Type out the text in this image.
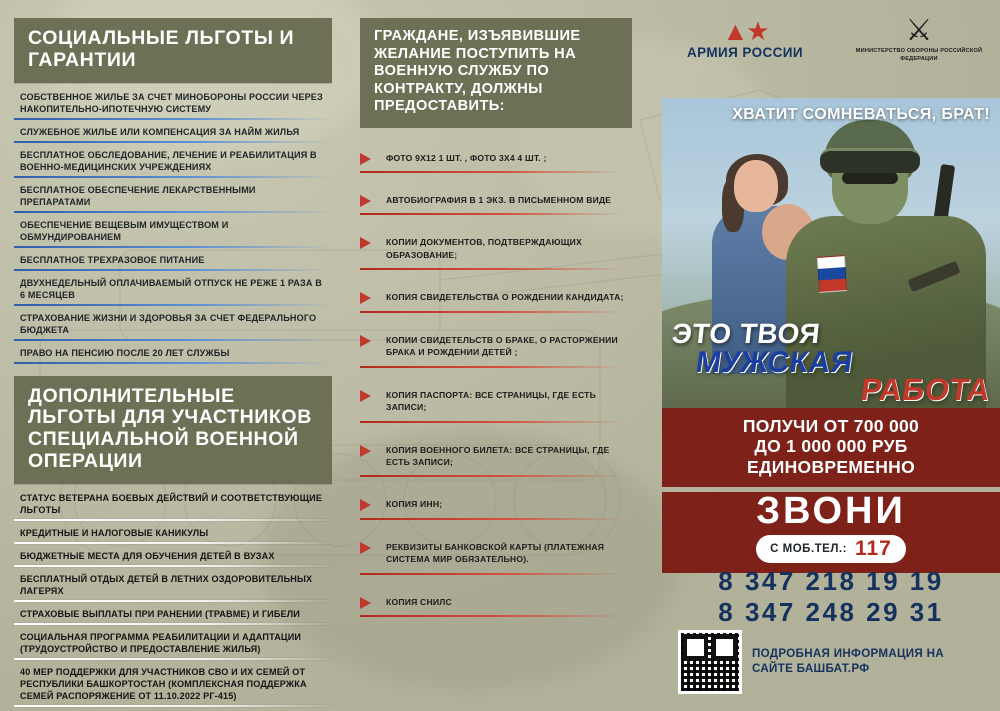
СОЦИАЛЬНЫЕ ЛЬГОТЫ И ГАРАНТИИ
СОБСТВЕННОЕ ЖИЛЬЕ ЗА СЧЕТ МИНОБОРОНЫ РОССИИ ЧЕРЕЗ НАКОПИТЕЛЬНО-ИПОТЕЧНУЮ СИСТЕМУ
СЛУЖЕБНОЕ ЖИЛЬЕ ИЛИ КОМПЕНСАЦИЯ ЗА НАЙМ ЖИЛЬЯ
БЕСПЛАТНОЕ ОБСЛЕДОВАНИЕ, ЛЕЧЕНИЕ И РЕАБИЛИТАЦИЯ В ВОЕННО-МЕДИЦИНСКИХ УЧРЕЖДЕНИЯХ
БЕСПЛАТНОЕ ОБЕСПЕЧЕНИЕ ЛЕКАРСТВЕННЫМИ ПРЕПАРАТАМИ
ОБЕСПЕЧЕНИЕ ВЕЩЕВЫМ ИМУЩЕСТВОМ И ОБМУНДИРОВАНИЕМ
БЕСПЛАТНОЕ ТРЕХРАЗОВОЕ ПИТАНИЕ
ДВУХНЕДЕЛЬНЫЙ ОПЛАЧИВАЕМЫЙ ОТПУСК НЕ РЕЖЕ 1 РАЗА В 6 МЕСЯЦЕВ
СТРАХОВАНИЕ ЖИЗНИ И ЗДОРОВЬЯ ЗА СЧЕТ ФЕДЕРАЛЬНОГО БЮДЖЕТА
ПРАВО НА ПЕНСИЮ ПОСЛЕ 20 ЛЕТ СЛУЖБЫ
ДОПОЛНИТЕЛЬНЫЕ ЛЬГОТЫ ДЛЯ УЧАСТНИКОВ СПЕЦИАЛЬНОЙ ВОЕННОЙ ОПЕРАЦИИ
СТАТУС ВЕТЕРАНА БОЕВЫХ ДЕЙСТВИЙ И СООТВЕТСТВУЮЩИЕ ЛЬГОТЫ
КРЕДИТНЫЕ И НАЛОГОВЫЕ КАНИКУЛЫ
БЮДЖЕТНЫЕ МЕСТА ДЛЯ ОБУЧЕНИЯ ДЕТЕЙ В ВУЗАХ
БЕСПЛАТНЫЙ ОТДЫХ ДЕТЕЙ В ЛЕТНИХ ОЗДОРОВИТЕЛЬНЫХ ЛАГЕРЯХ
СТРАХОВЫЕ ВЫПЛАТЫ ПРИ РАНЕНИИ (ТРАВМЕ) И ГИБЕЛИ
СОЦИАЛЬНАЯ ПРОГРАММА РЕАБИЛИТАЦИИ И АДАПТАЦИИ (ТРУДОУСТРОЙСТВО И ПРЕДОСТАВЛЕНИЕ ЖИЛЬЯ)
40 МЕР ПОДДЕРЖКИ ДЛЯ УЧАСТНИКОВ СВО И ИХ СЕМЕЙ ОТ РЕСПУБЛИКИ БАШКОРТОСТАН (КОМПЛЕКСНАЯ ПОДДЕРЖКА СЕМЕЙ РАСПОРЯЖЕНИЕ ОТ 11.10.2022 РГ-415)
ГРАЖДАНЕ, ИЗЪЯВИВШИЕ ЖЕЛАНИЕ ПОСТУПИТЬ НА ВОЕННУЮ СЛУЖБУ ПО КОНТРАКТУ, ДОЛЖНЫ ПРЕДОСТАВИТЬ:
ФОТО 9Х12 1 ШТ. , ФОТО 3Х4 4 ШТ. ;
АВТОБИОГРАФИЯ В 1 ЭКЗ. В ПИСЬМЕННОМ ВИДЕ
КОПИИ ДОКУМЕНТОВ, ПОДТВЕРЖДАЮЩИХ ОБРАЗОВАНИЕ;
КОПИЯ СВИДЕТЕЛЬСТВА О РОЖДЕНИИ КАНДИДАТА;
КОПИИ СВИДЕТЕЛЬСТВ О БРАКЕ, О РАСТОРЖЕНИИ БРАКА И РОЖДЕНИИ ДЕТЕЙ ;
КОПИЯ ПАСПОРТА: ВСЕ СТРАНИЦЫ, ГДЕ ЕСТЬ ЗАПИСИ;
КОПИЯ ВОЕННОГО БИЛЕТА: ВСЕ СТРАНИЦЫ, ГДЕ ЕСТЬ ЗАПИСИ;
КОПИЯ ИНН;
РЕКВИЗИТЫ БАНКОВСКОЙ КАРТЫ (ПЛАТЕЖНАЯ СИСТЕМА МИР ОБЯЗАТЕЛЬНО).
КОПИЯ СНИЛС
▲★
АРМИЯ РОССИИ
⚔
МИНИСТЕРСТВО ОБОРОНЫ РОССИЙСКОЙ ФЕДЕРАЦИИ
ХВАТИТ СОМНЕВАТЬСЯ, БРАТ!
ЭТО ТВОЯ
МУЖСКАЯ
РАБОТА
ПОЛУЧИ ОТ 700 000
ДО 1 000 000 РУБ
ЕДИНОВРЕМЕННО
ЗВОНИ
С МОБ.ТЕЛ.: 117
8 347 218 19 19
8 347 248 29 31
ПОДРОБНАЯ ИНФОРМАЦИЯ НА САЙТЕ БАШБАТ.РФ
